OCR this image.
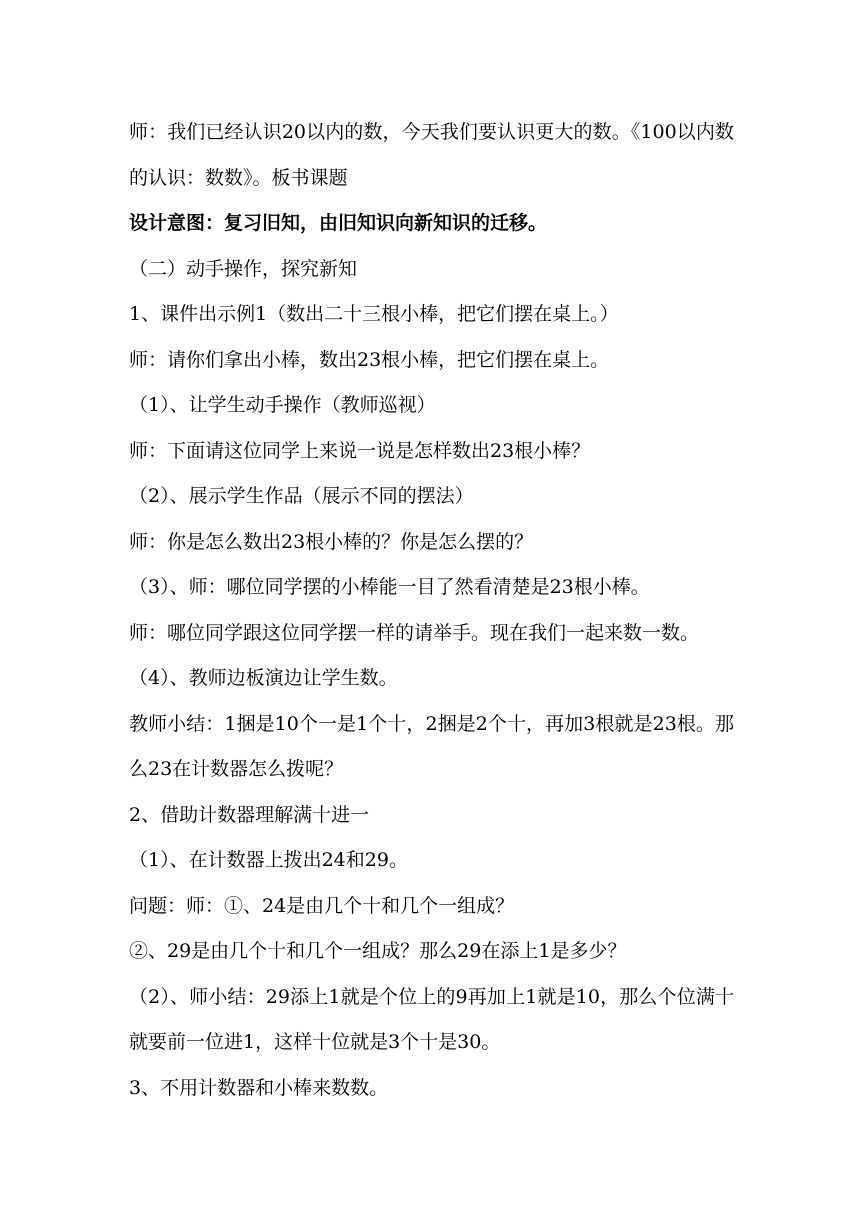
师：我们已经认识20以内的数，今天我们要认识更大的数。《100以内数的认识：数数》。板书课题

设计意图：复习旧知，由旧知识向新知识的迁移。

（二）动手操作，探究新知

1、课件出示例1（数出二十三根小棒，把它们摆在桌上。）

师：请你们拿出小棒，数出23根小棒，把它们摆在桌上。

（1）、让学生动手操作（教师巡视）

师：下面请这位同学上来说一说是怎样数出23根小棒？

（2）、展示学生作品（展示不同的摆法）

师：你是怎么数出23根小棒的？你是怎么摆的？

（3）、师：哪位同学摆的小棒能一目了然看清楚是23根小棒。

师：哪位同学跟这位同学摆一样的请举手。现在我们一起来数一数。

（4）、教师边板演边让学生数。

教师小结：1捆是10个一是1个十，2捆是2个十，再加3根就是23根。那么23在计数器怎么拨呢？

2、借助计数器理解满十进一

（1）、在计数器上拨出24和29。

问题：师：①、24是由几个十和几个一组成？

②、29是由几个十和几个一组成？那么29在添上1是多少？

（2）、师小结：29添上1就是个位上的9再加上1就是10，那么个位满十就要前一位进1，这样十位就是3个十是30。

3、不用计数器和小棒来数数。
